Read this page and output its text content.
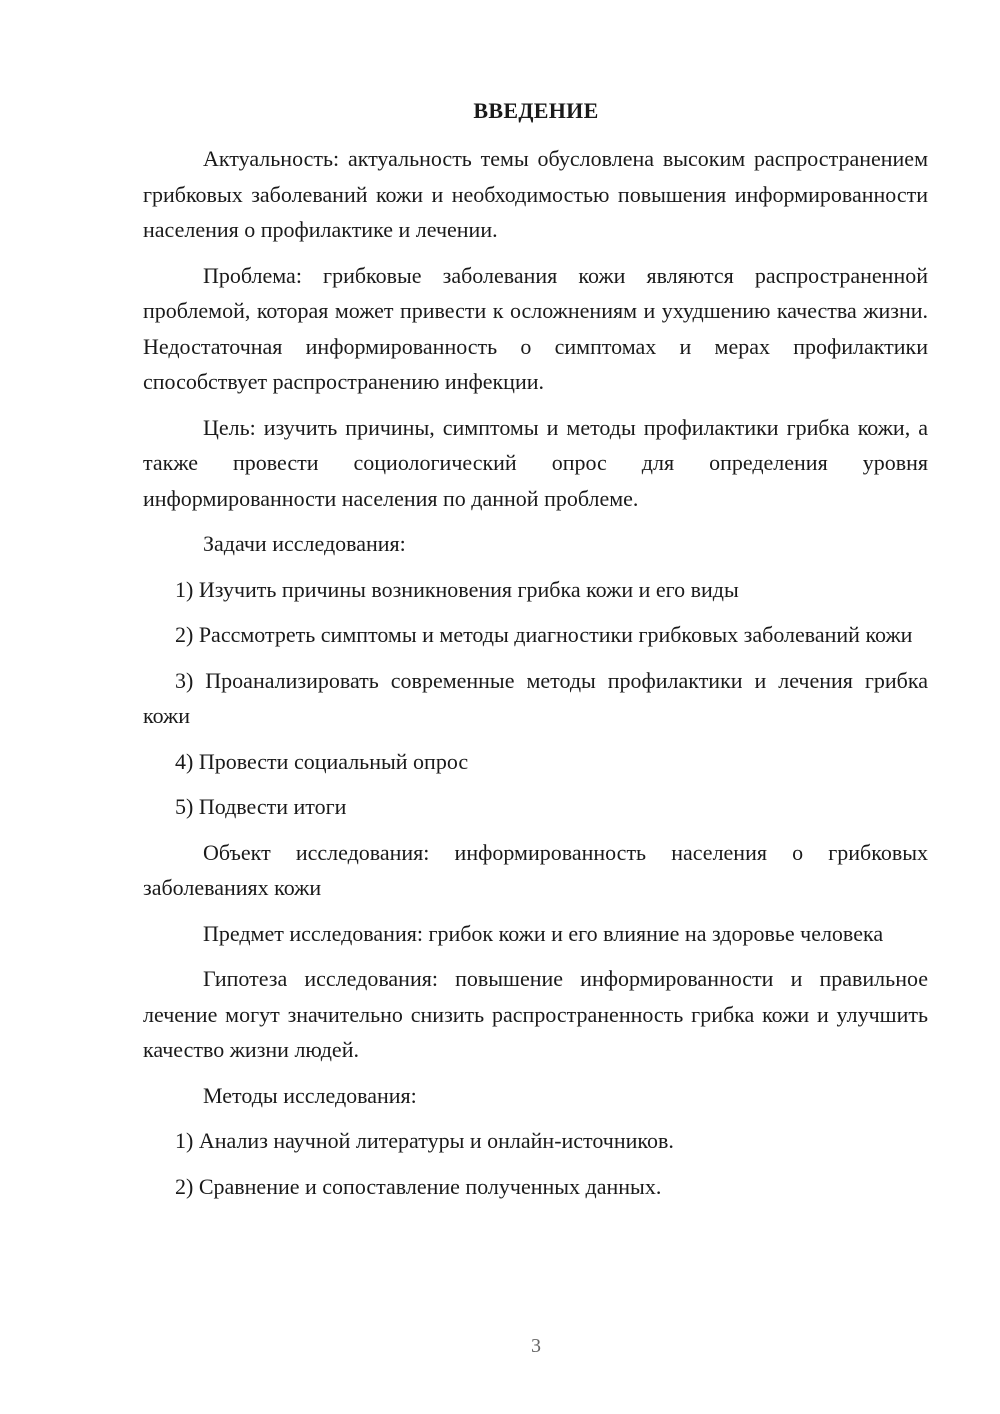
ВВЕДЕНИЕ

Актуальность: актуальность темы обусловлена высоким распространением грибковых заболеваний кожи и необходимостью повышения информированности населения о профилактике и лечении.

Проблема: грибковые заболевания кожи являются распространенной проблемой, которая может привести к осложнениям и ухудшению качества жизни. Недостаточная информированность о симптомах и мерах профилактики способствует распространению инфекции.

Цель: изучить причины, симптомы и методы профилактики грибка кожи, а также провести социологический опрос для определения уровня информированности населения по данной проблеме.

Задачи исследования:

1) Изучить причины возникновения грибка кожи и его виды

2) Рассмотреть симптомы и методы диагностики грибковых заболеваний кожи

3) Проанализировать современные методы профилактики и лечения грибка кожи

4) Провести социальный опрос

5) Подвести итоги

Объект исследования: информированность населения о грибковых заболеваниях кожи

Предмет исследования: грибок кожи и его влияние на здоровье человека

Гипотеза исследования: повышение информированности и правильное лечение могут значительно снизить распространенность грибка кожи и улучшить качество жизни людей.

Методы исследования:

1) Анализ научной литературы и онлайн-источников.

2) Сравнение и сопоставление полученных данных.

3
